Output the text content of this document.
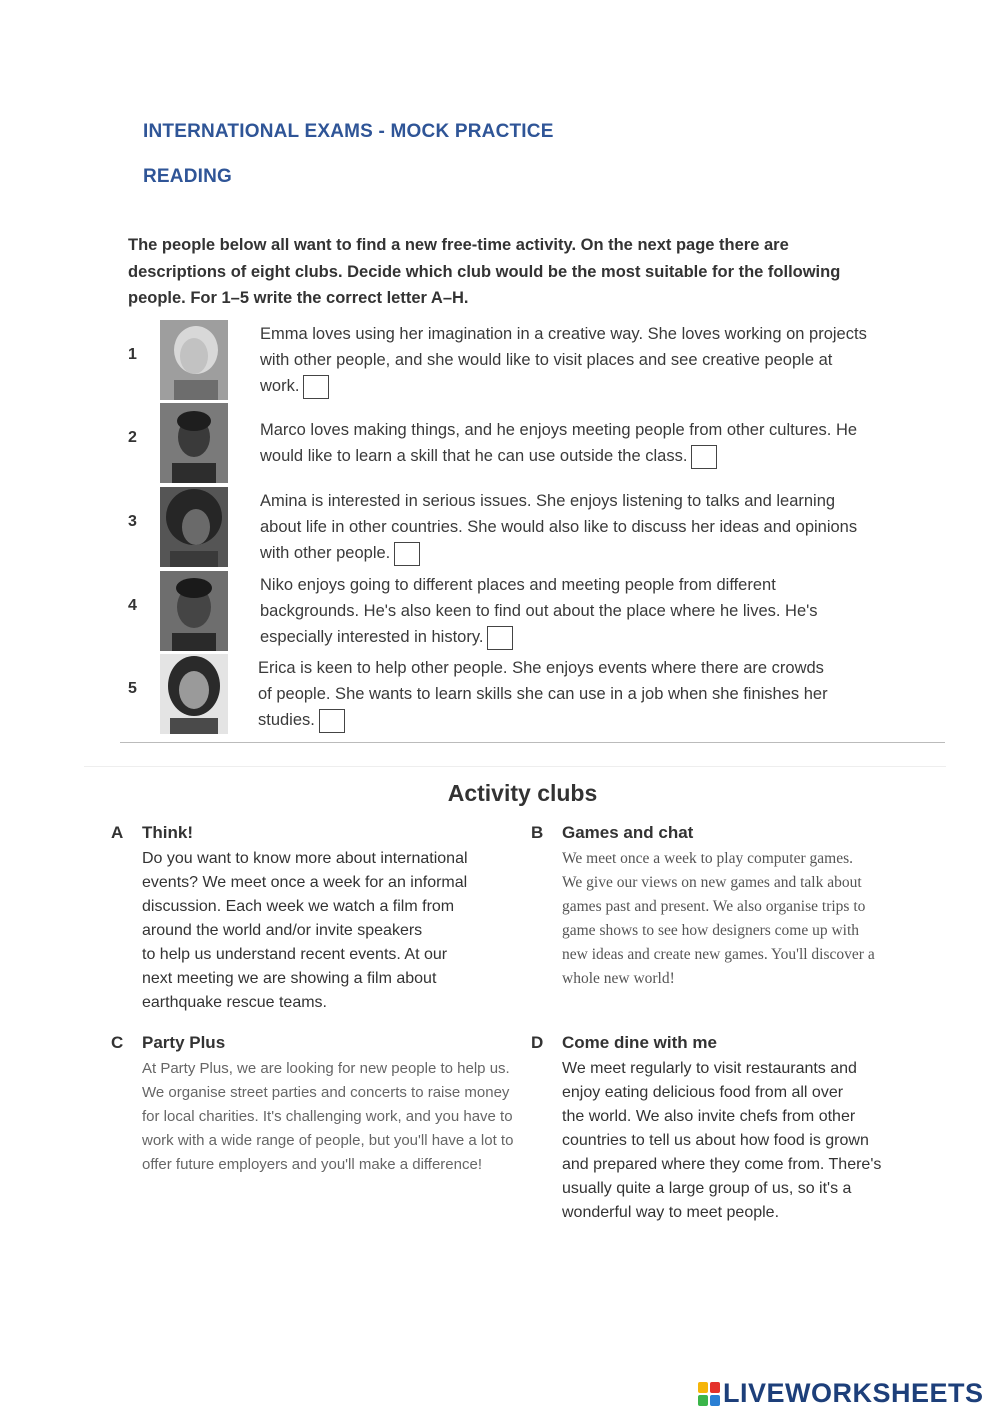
INTERNATIONAL EXAMS - MOCK PRACTICE
READING
The people below all want to find a new free-time activity. On the next page there are
descriptions of eight clubs. Decide which club would be the most suitable for the following
people. For 1–5 write the correct letter A–H.
1
Emma loves using her imagination in a creative way. She loves working on projects
with other people, and she would like to visit places and see creative people at
work.
2	Marco loves making things, and he enjoys meeting people from other cultures. He
would like to learn a skill that he can use outside the class.
3
Amina is interested in serious issues. She enjoys listening to talks and learning
about life in other countries. She would also like to discuss her ideas and opinions
with other people.
4
Niko enjoys going to different places and meeting people from different
backgrounds. He's also keen to find out about the place where he lives. He's
especially interested in history.
5
Erica is keen to help other people. She enjoys events where there are crowds
of people. She wants to learn skills she can use in a job when she finishes her
studies.
Activity clubs
A Think!
Do you want to know more about international
events? We meet once a week for an informal
discussion. Each week we watch a film from
around the world and/or invite speakers
to help us understand recent events. At our
next meeting we are showing a film about
earthquake rescue teams.
B Games and chat
We meet once a week to play computer games.
We give our views on new games and talk about
games past and present. We also organise trips to
game shows to see how designers come up with
new ideas and create new games. You'll discover a
whole new world!
C Party Plus
At Party Plus, we are looking for new people to help us.
We organise street parties and concerts to raise money
for local charities. It's challenging work, and you have to
work with a wide range of people, but you'll have a lot to
offer future employers and you'll make a difference!
D Come dine with me
We meet regularly to visit restaurants and
enjoy eating delicious food from all over
the world. We also invite chefs from other
countries to tell us about how food is grown
and prepared where they come from. There's
usually quite a large group of us, so it's a
wonderful way to meet people.
LIVEWORKSHEETS
